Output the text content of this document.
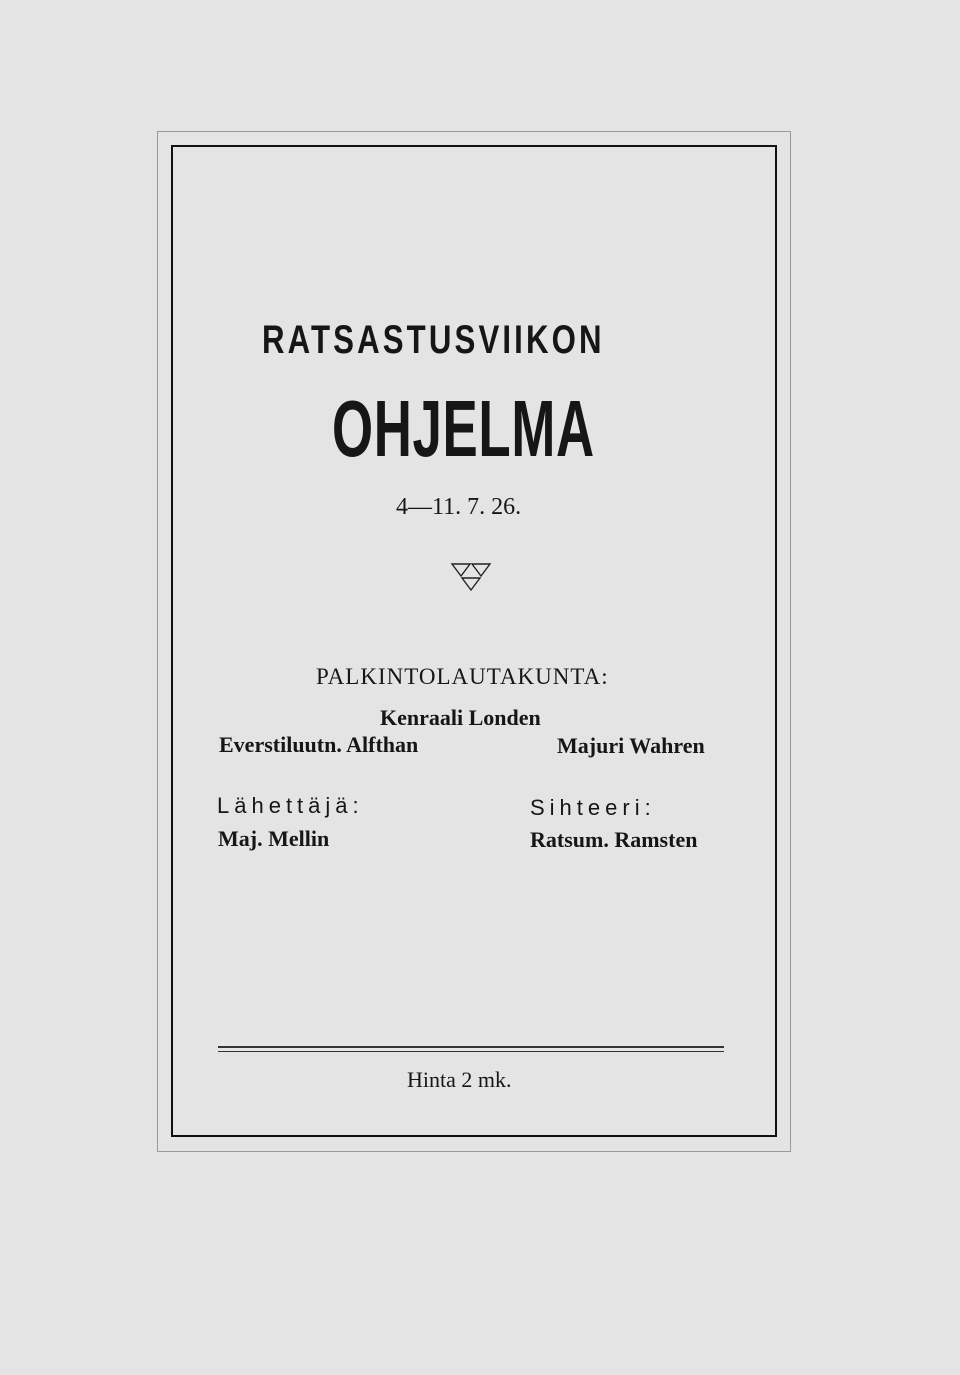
RATSASTUSVIIKON
OHJELMA
4—11. 7. 26.
PALKINTOLAUTAKUNTA:
Kenraali Londen
Everstiluutn. Alfthan	Majuri Wahren
Lähettäjä:	Sihteeri:
Maj. Mellin	Ratsum. Ramsten
Hinta 2 mk.
